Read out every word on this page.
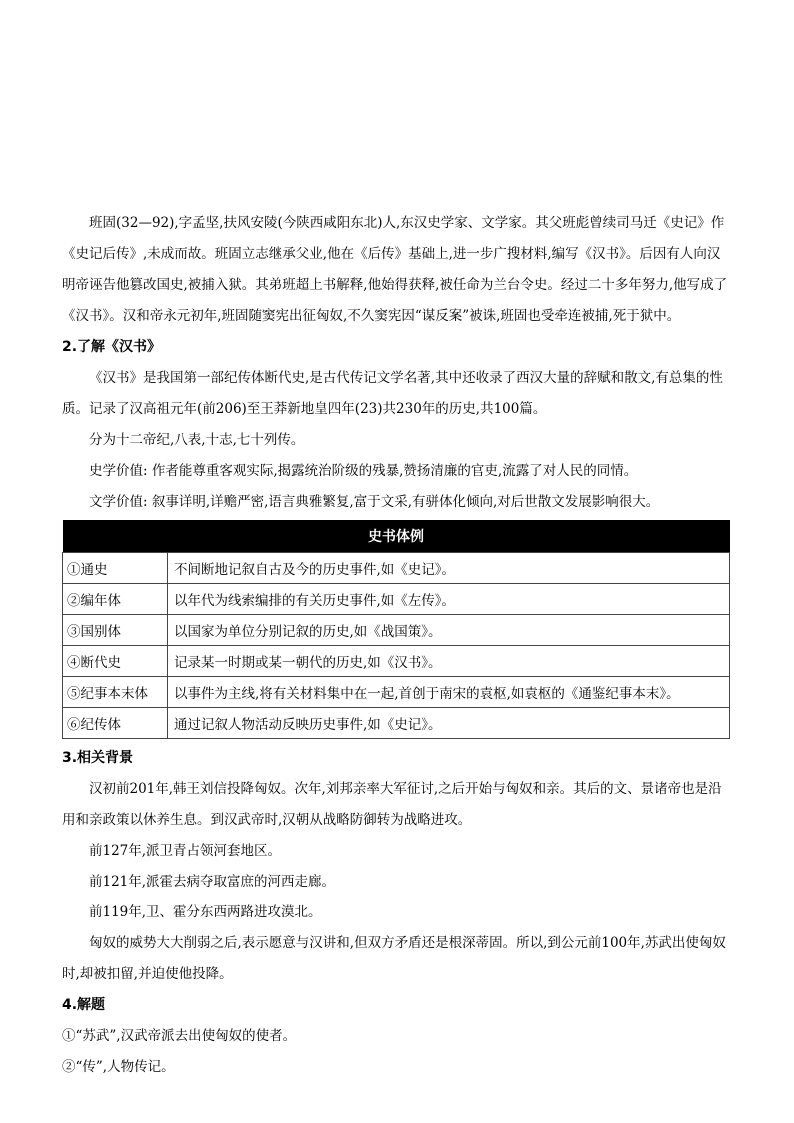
班固(32—92),字孟坚,扶风安陵(今陕西咸阳东北)人,东汉史学家、文学家。其父班彪曾续司马迁《史记》作《史记后传》,未成而故。班固立志继承父业,他在《后传》基础上,进一步广搜材料,编写《汉书》。后因有人向汉明帝诬告他篡改国史,被捕入狱。其弟班超上书解释,他始得获释,被任命为兰台令史。经过二十多年努力,他写成了《汉书》。汉和帝永元初年,班固随窦宪出征匈奴,不久窦宪因“谋反案”被诛,班固也受牵连被捕,死于狱中。

2.了解《汉书》

《汉书》是我国第一部纪传体断代史,是古代传记文学名著,其中还收录了西汉大量的辞赋和散文,有总集的性质。记录了汉高祖元年(前206)至王莽新地皇四年(23)共230年的历史,共100篇。

分为十二帝纪,八表,十志,七十列传。

史学价值: 作者能尊重客观实际,揭露统治阶级的残暴,赞扬清廉的官吏,流露了对人民的同情。

文学价值: 叙事详明,详赡严密,语言典雅繁复,富于文采,有骈体化倾向,对后世散文发展影响很大。

史书体例	
①通史	不间断地记叙自古及今的历史事件,如《史记》。
②编年体	以年代为线索编排的有关历史事件,如《左传》。
③国别体	以国家为单位分别记叙的历史,如《战国策》。
④断代史	记录某一时期或某一朝代的历史,如《汉书》。
⑤纪事本末体	以事件为主线,将有关材料集中在一起,首创于南宋的袁枢,如袁枢的《通鉴纪事本末》。
⑥纪传体	通过记叙人物活动反映历史事件,如《史记》。

3.相关背景

汉初前201年,韩王刘信投降匈奴。次年,刘邦亲率大军征讨,之后开始与匈奴和亲。其后的文、景诸帝也是沿用和亲政策以休养生息。到汉武帝时,汉朝从战略防御转为战略进攻。

前127年,派卫青占领河套地区。

前121年,派霍去病夺取富庶的河西走廊。

前119年,卫、霍分东西两路进攻漠北。

匈奴的威势大大削弱之后,表示愿意与汉讲和,但双方矛盾还是根深蒂固。所以,到公元前100年,苏武出使匈奴时,却被扣留,并迫使他投降。

4.解题

①“苏武”,汉武帝派去出使匈奴的使者。

②“传”,人物传记。
